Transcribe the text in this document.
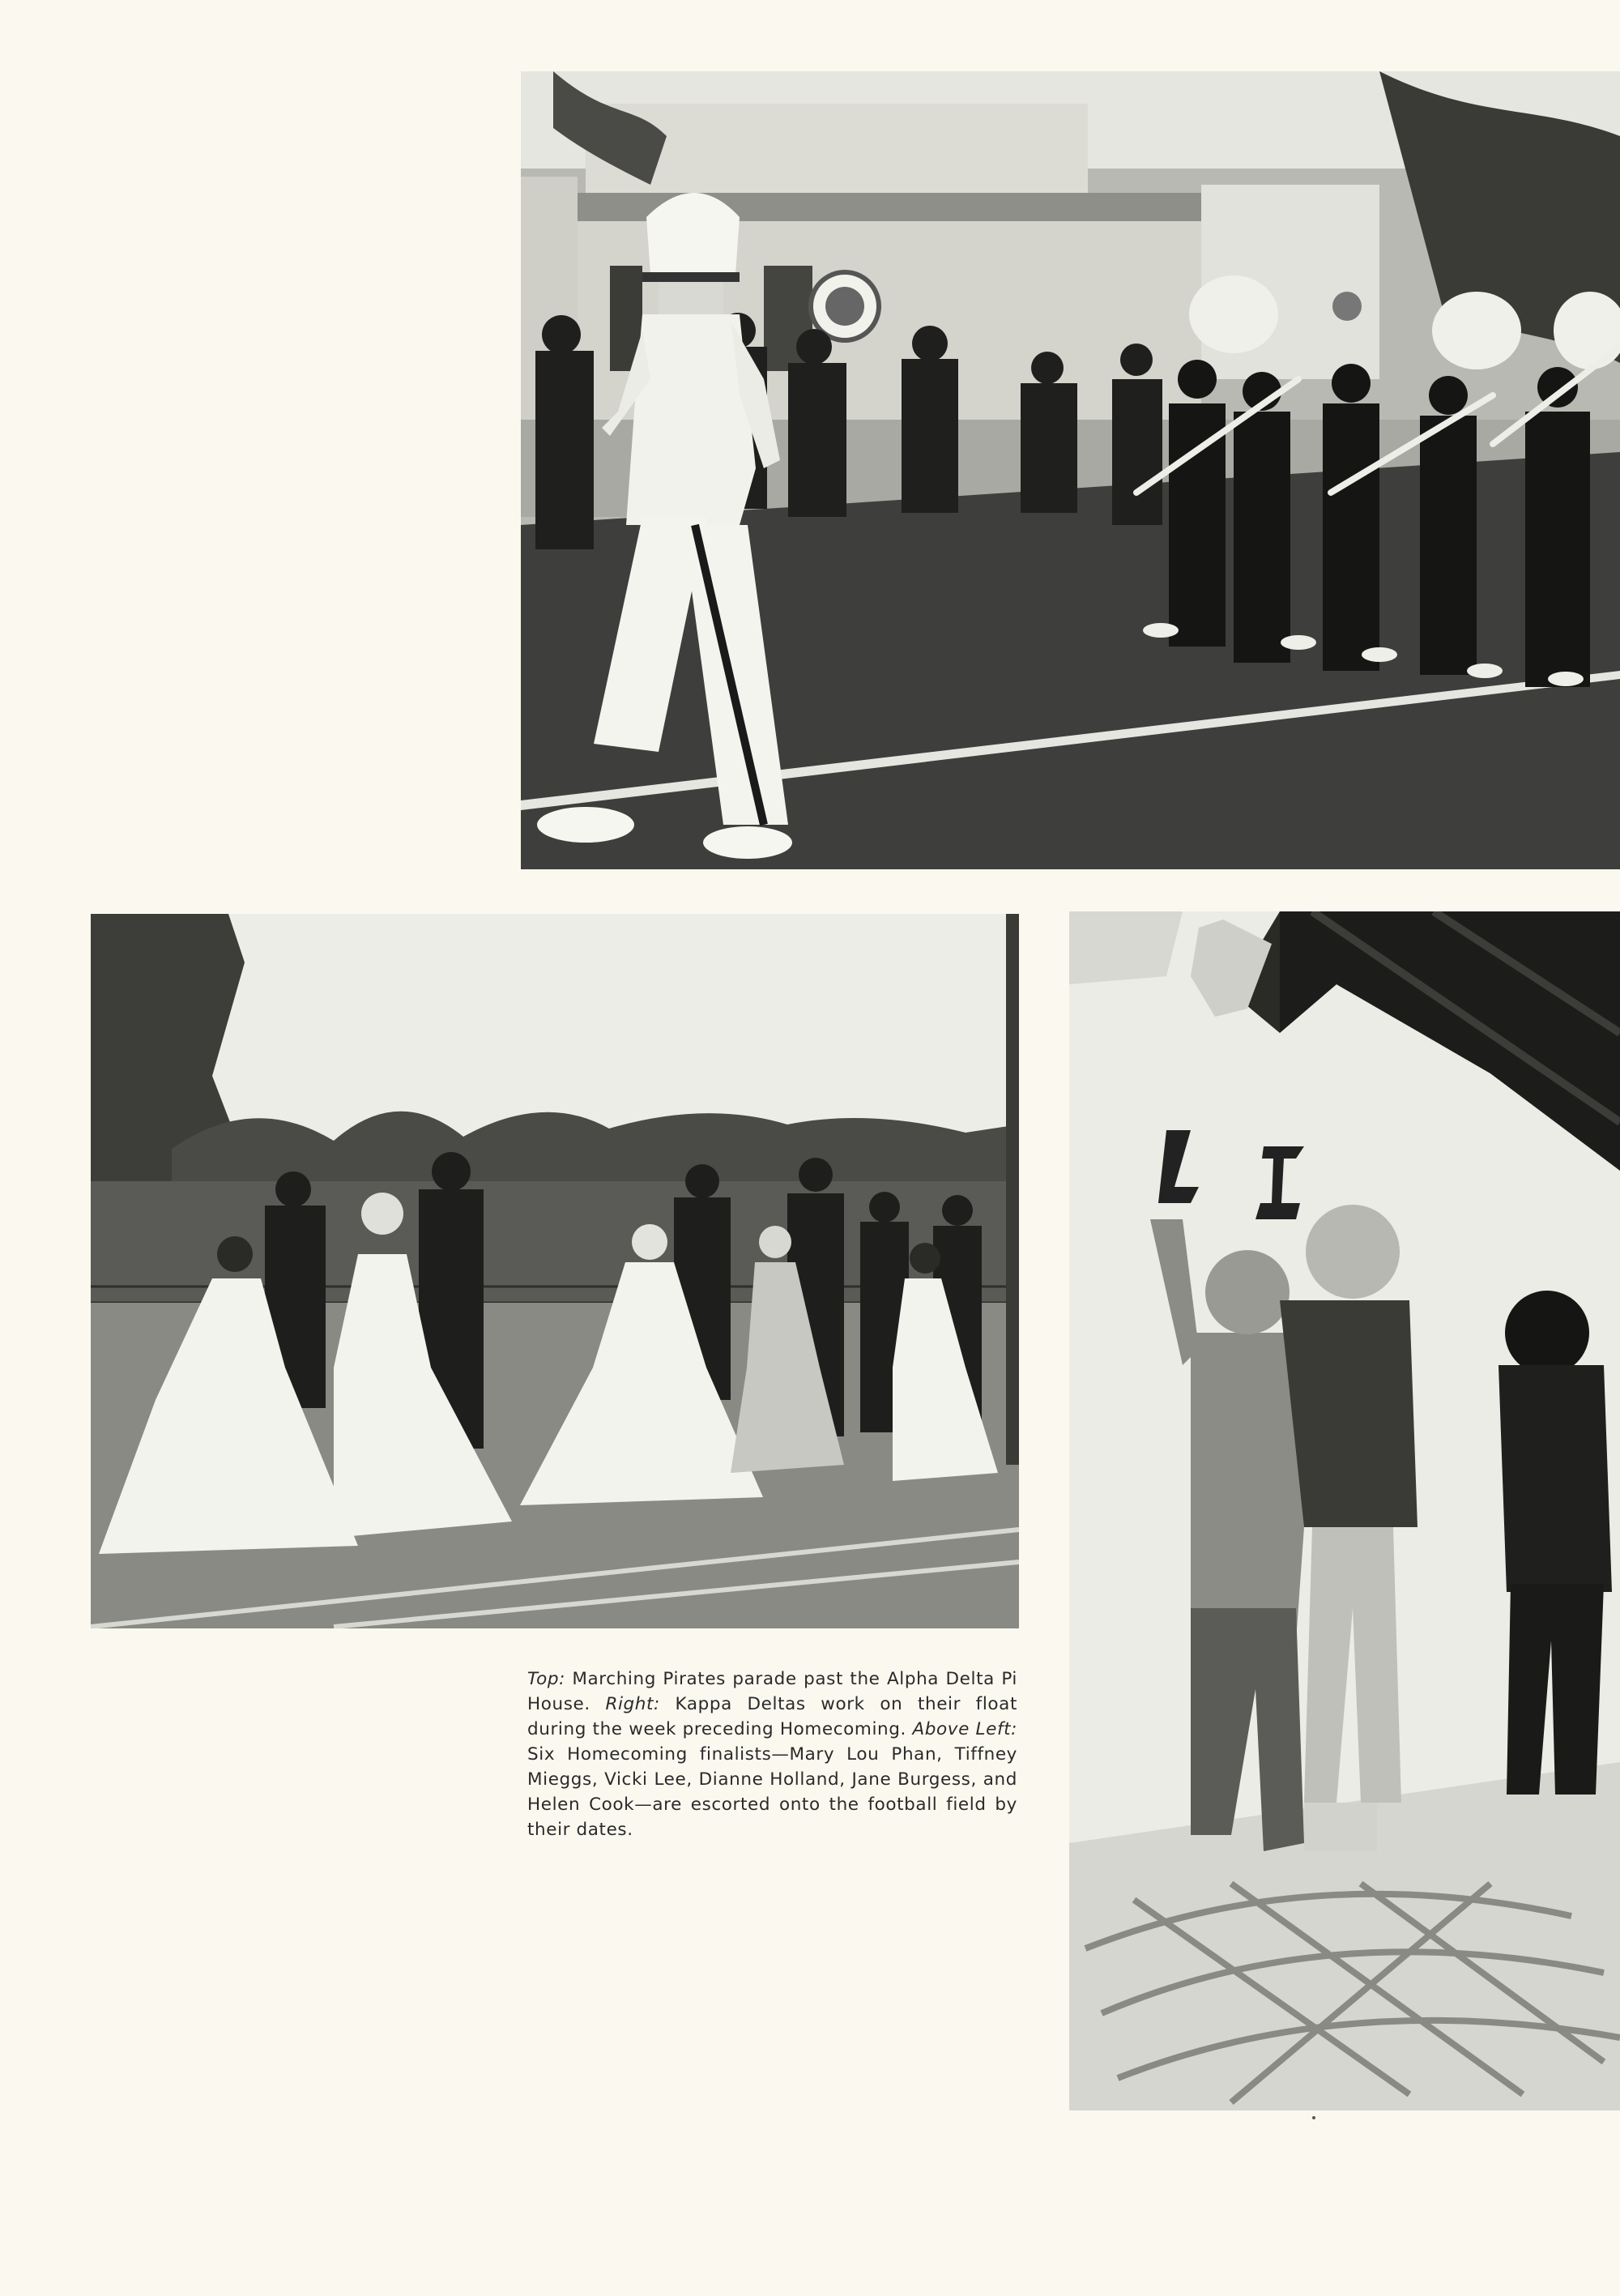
Top: Marching Pirates parade past the Alpha Delta Pi House. Right: Kappa Deltas work on their float during the week preceding Homecoming. Above Left: Six Homecoming finalists—Mary Lou Phan, Tiffney Mieggs, Vicki Lee, Dianne Holland, Jane Burgess, and Helen Cook—are escorted onto the football field by their dates.
